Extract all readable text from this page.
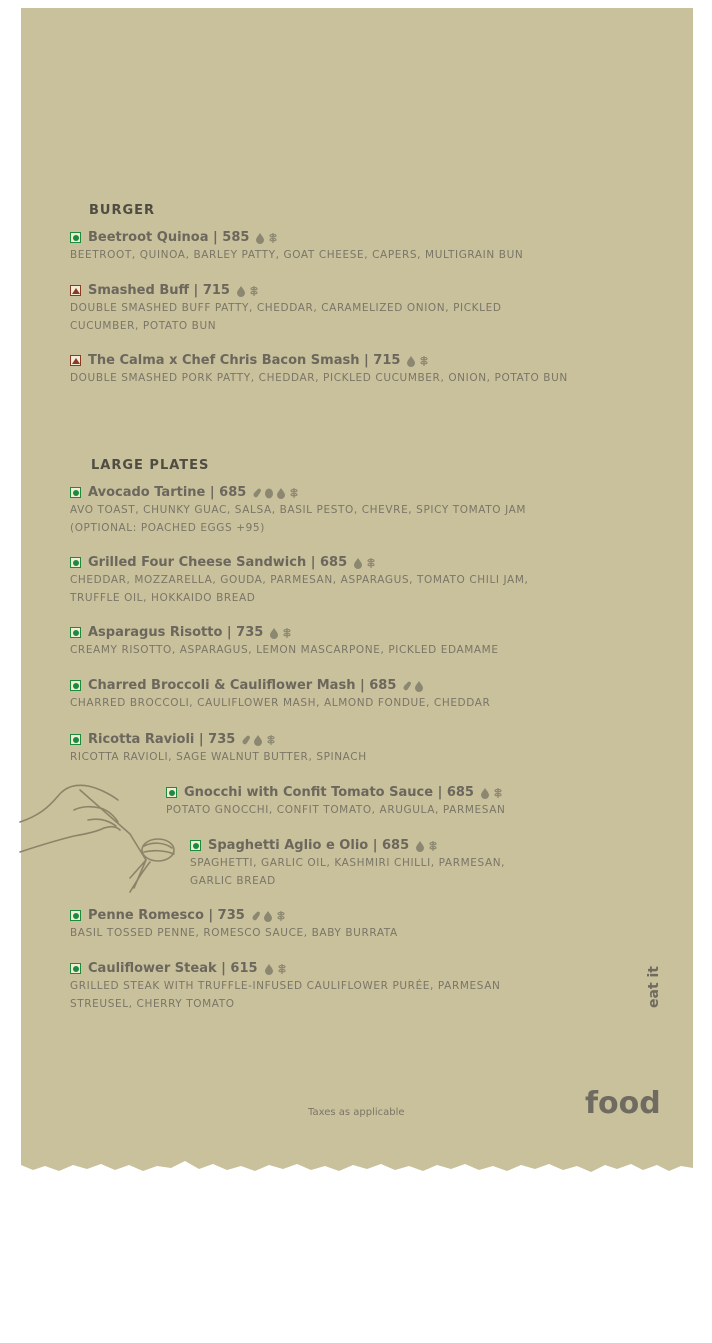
BURGER
Beetroot Quinoa | 585
BEETROOT, QUINOA, BARLEY PATTY, GOAT CHEESE, CAPERS, MULTIGRAIN BUN
Smashed Buff | 715
DOUBLE SMASHED BUFF PATTY, CHEDDAR, CARAMELIZED ONION, PICKLED
CUCUMBER, POTATO BUN
The Calma x Chef Chris Bacon Smash | 715
DOUBLE SMASHED PORK PATTY, CHEDDAR, PICKLED CUCUMBER, ONION, POTATO BUN
LARGE PLATES
Avocado Tartine | 685
AVO TOAST, CHUNKY GUAC, SALSA, BASIL PESTO, CHEVRE, SPICY TOMATO JAM
(OPTIONAL: POACHED EGGS +95)
Grilled Four Cheese Sandwich | 685
CHEDDAR, MOZZARELLA, GOUDA, PARMESAN, ASPARAGUS, TOMATO CHILI JAM,
TRUFFLE OIL, HOKKAIDO BREAD
Asparagus Risotto | 735
CREAMY RISOTTO, ASPARAGUS, LEMON MASCARPONE, PICKLED EDAMAME
Charred Broccoli & Cauliflower Mash | 685
CHARRED BROCCOLI, CAULIFLOWER MASH, ALMOND FONDUE, CHEDDAR
Ricotta Ravioli | 735
RICOTTA RAVIOLI, SAGE WALNUT BUTTER, SPINACH
Gnocchi with Confit Tomato Sauce | 685
POTATO GNOCCHI, CONFIT TOMATO, ARUGULA, PARMESAN
Spaghetti Aglio e Olio | 685
SPAGHETTI, GARLIC OIL, KASHMIRI CHILLI, PARMESAN,
GARLIC BREAD
Penne Romesco | 735
BASIL TOSSED PENNE, ROMESCO SAUCE, BABY BURRATA
Cauliflower Steak | 615
GRILLED STEAK WITH TRUFFLE-INFUSED CAULIFLOWER PURÉE, PARMESAN
STREUSEL, CHERRY TOMATO
Taxes as applicable	food
eat it
